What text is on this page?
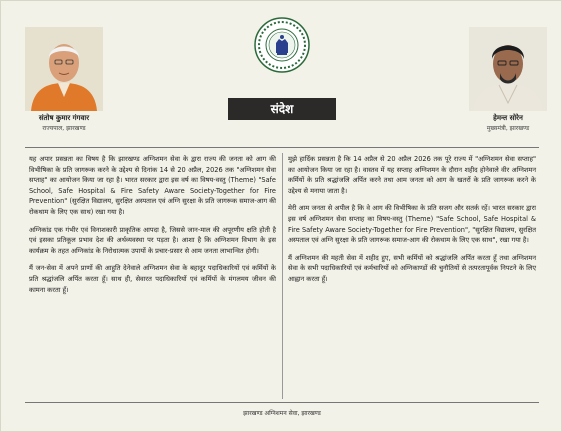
संतोष कुमार गंगवार
राज्यपाल, झारखण्ड
हेमन्त सोरेन
मुख्यमंत्री, झारखण्ड
संदेश

यह अपार प्रसन्नता का विषय है कि झारखण्ड अग्निशमन सेवा के द्वारा राज्य की जनता को आग की विभीषिका के प्रति जागरूक करने के उद्देश्य से दिनांक 14 से 20 अप्रैल, 2026 तक "अग्निशमन सेवा सप्ताह" का आयोजन किया जा रहा है। भारत सरकार द्वारा इस वर्ष का विषय-वस्तु (Theme) "Safe School, Safe Hospital & Fire Safety Aware Society-Together for Fire Prevention" (सुरक्षित विद्यालय, सुरक्षित अस्पताल एवं अग्नि सुरक्षा के प्रति जागरूक समाज-आग की रोकथाम के लिए एक साथ) रखा गया है।

अग्निकांड एक गंभीर एवं विनाशकारी प्राकृतिक आपदा है, जिससे जान-माल की अपूरणीय क्षति होती है एवं इसका प्रतिकूल प्रभाव देश की अर्थव्यवस्था पर पड़ता है। आशा है कि अग्निशमन विभाग के इस कार्यक्रम के तहत अग्निकांड के निरोधात्मक उपायों के प्रचार-प्रसार से आम जनता लाभान्वित होगी।

मैं जन-सेवा में अपने प्राणों की आहुति देनेवाले अग्निशमन सेवा के बहादुर पदाधिकारियों एवं कर्मियों के प्रति श्रद्धांजलि अर्पित करता हूँ। साथ ही, सेवारत पदाधिकारियों एवं कर्मियों के मंगलमय जीवन की कामना करता हूँ।

मुझे हार्दिक प्रसन्नता है कि 14 अप्रैल से 20 अप्रैल 2026 तक पूरे राज्य में "अग्निशमन सेवा सप्ताह" का आयोजन किया जा रहा है। वास्तव में यह सप्ताह अग्निशमन के दौरान शहीद होनेवाले वीर अग्निशमन कर्मियों के प्रति श्रद्धांजलि अर्पित करने तथा आम जनता को आग के खतरों के प्रति जागरूक करने के उद्देश्य से मनाया जाता है।

मेरी आम जनता से अपील है कि वे आग की विभीषिका के प्रति सजग और सतर्क रहें। भारत सरकार द्वारा इस वर्ष अग्निशमन सेवा सप्ताह का विषय-वस्तु (Theme) "Safe School, Safe Hospital & Fire Safety Aware Society-Together for Fire Prevention", "सुरक्षित विद्यालय, सुरक्षित अस्पताल एवं अग्नि सुरक्षा के प्रति जागरूक समाज-आग की रोकथाम के लिए एक साथ", रखा गया है।

मैं अग्निशमन की महती सेवा में शहीद हुए, सभी कर्मियों को श्रद्धांजलि अर्पित करता हूँ तथा अग्निशमन सेवा के सभी पदाधिकारियों एवं कर्मचारियों को अग्निकाण्डों की चुनौतियों से तत्परतापूर्वक निपटने के लिए आह्वान करता हूँ।

झारखण्ड अग्निशमन सेवा, झारखण्ड
